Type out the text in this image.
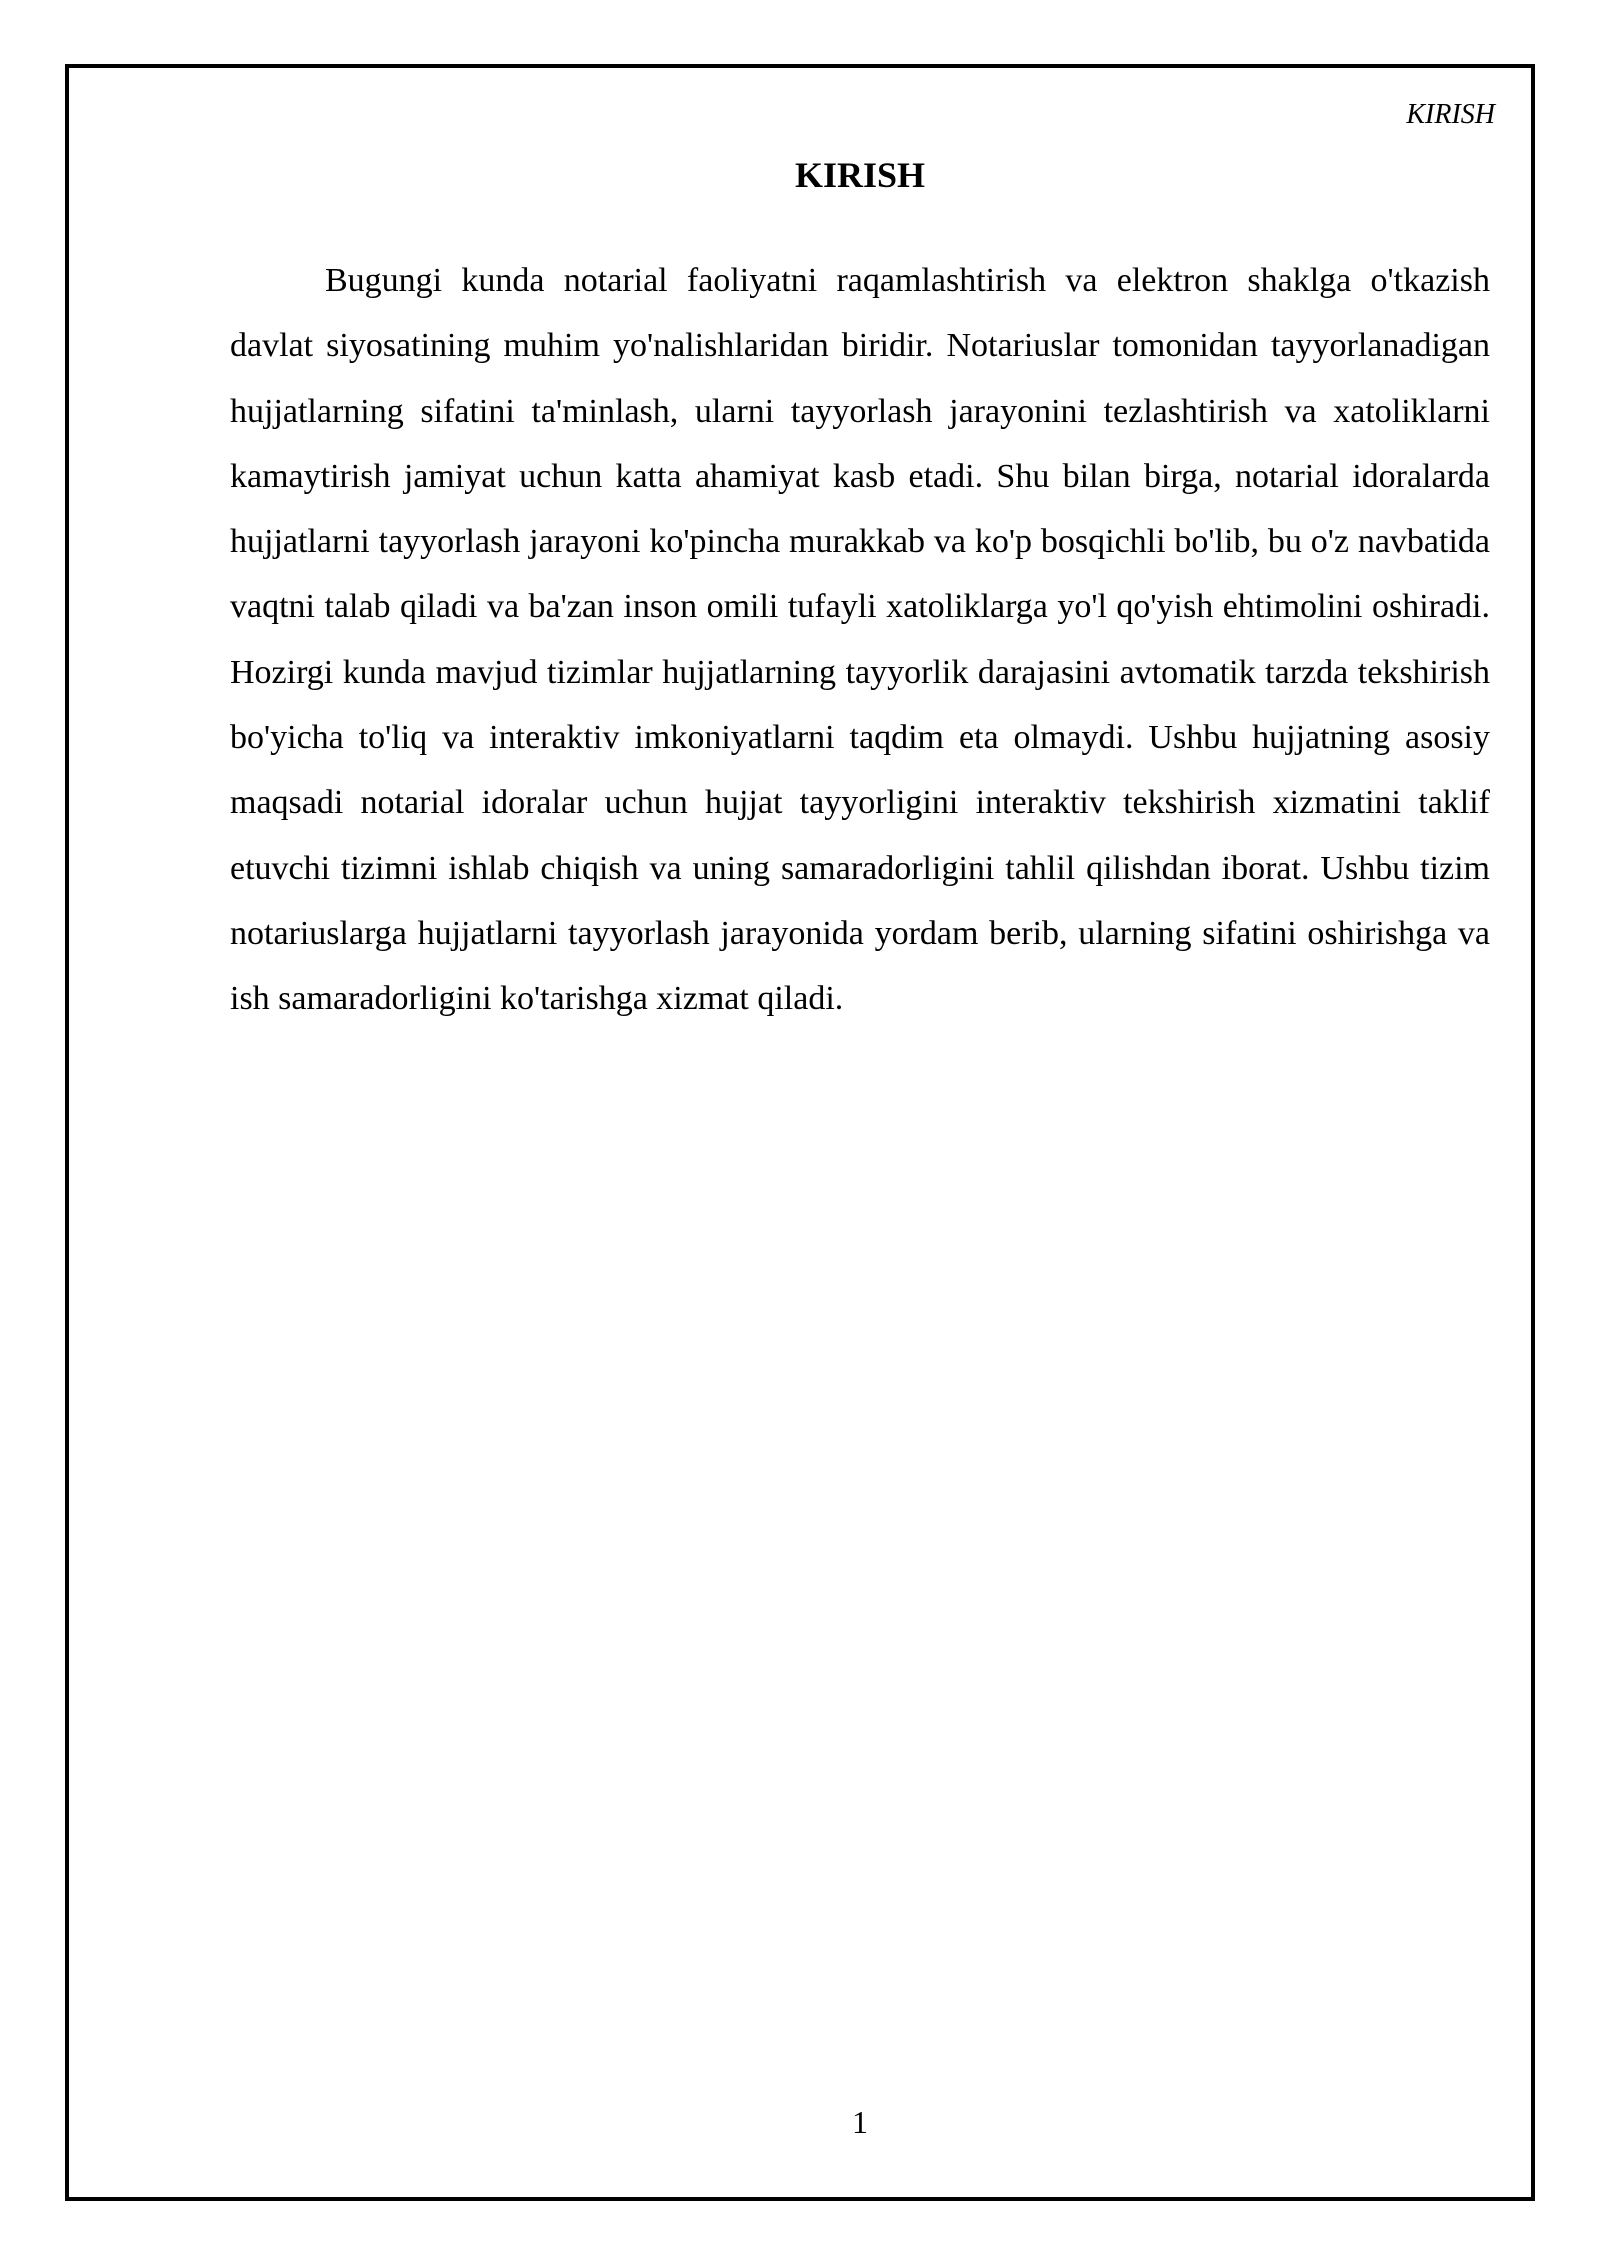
KIRISH
KIRISH

Bugungi kunda notarial faoliyatni raqamlashtirish va elektron shaklga o'tkazish davlat siyosatining muhim yo'nalishlaridan biridir. Notariuslar tomonidan tayyorlanadigan hujjatlarning sifatini ta'minlash, ularni tayyorlash jarayonini tezlashtirish va xatoliklarni kamaytirish jamiyat uchun katta ahamiyat kasb etadi. Shu bilan birga, notarial idoralarda hujjatlarni tayyorlash jarayoni ko'pincha murakkab va ko'p bosqichli bo'lib, bu o'z navbatida vaqtni talab qiladi va ba'zan inson omili tufayli xatoliklarga yo'l qo'yish ehtimolini oshiradi. Hozirgi kunda mavjud tizimlar hujjatlarning tayyorlik darajasini avtomatik tarzda tekshirish bo'yicha to'liq va interaktiv imkoniyatlarni taqdim eta olmaydi. Ushbu hujjatning asosiy maqsadi notarial idoralar uchun hujjat tayyorligini interaktiv tekshirish xizmatini taklif etuvchi tizimni ishlab chiqish va uning samaradorligini tahlil qilishdan iborat. Ushbu tizim notariuslarga hujjatlarni tayyorlash jarayonida yordam berib, ularning sifatini oshirishga va ish samaradorligini ko'tarishga xizmat qiladi.

1
